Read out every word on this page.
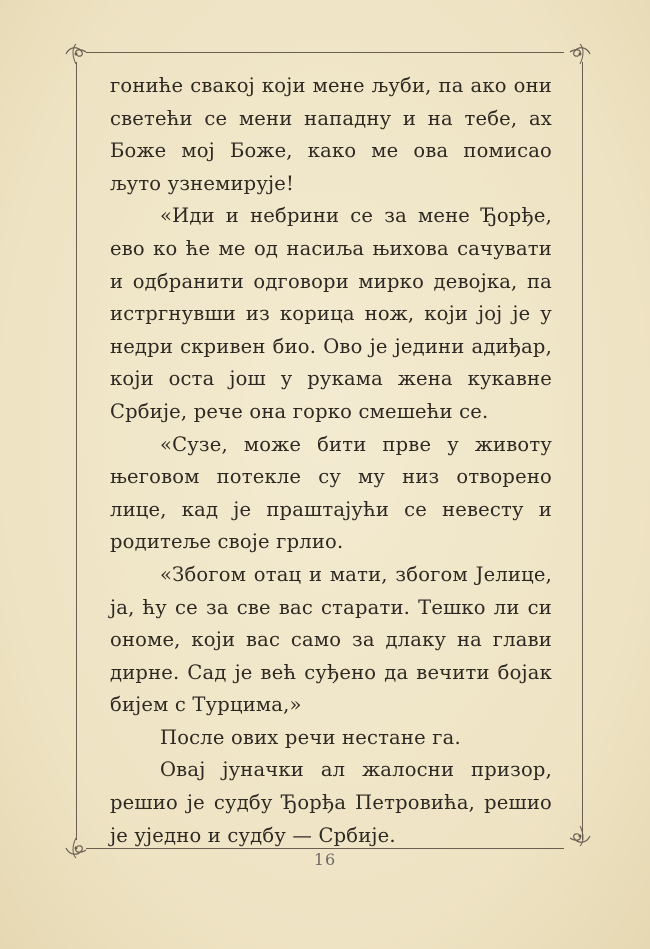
гониће свакој који мене љуби, па ако они светећи се мени нападну и на тебе, ах Боже мој Боже, како ме ова помисао љуто узнемирује!

«Иди и небрини се за мене Ђорђе, ево ко ће ме од насиља њихова сачувати и одбранити одговори мирко девојка, па истргнувши из корица нож, који јој је у недри скривен био. Ово је једини адиђар, који оста још у рукама жена кукавне Србије, рече она горко смешећи се.

«Сузе, може бити прве у животу његовом потекле су му низ отворено лице, кад је праштајући се невесту и родитеље своје грлио.

«Збогом отац и мати, збогом Јелице, ја, ћу се за све вас старати. Тешко ли си ономе, који вас само за длаку на глави дирне. Сад је већ суђено да вечити бојак бијем с Турцима,»

После ових речи нестане га.

Овај јуначки ал жалосни призор, решио је судбу Ђорђа Петровића, решио је уједно и судбу — Србије.

16
